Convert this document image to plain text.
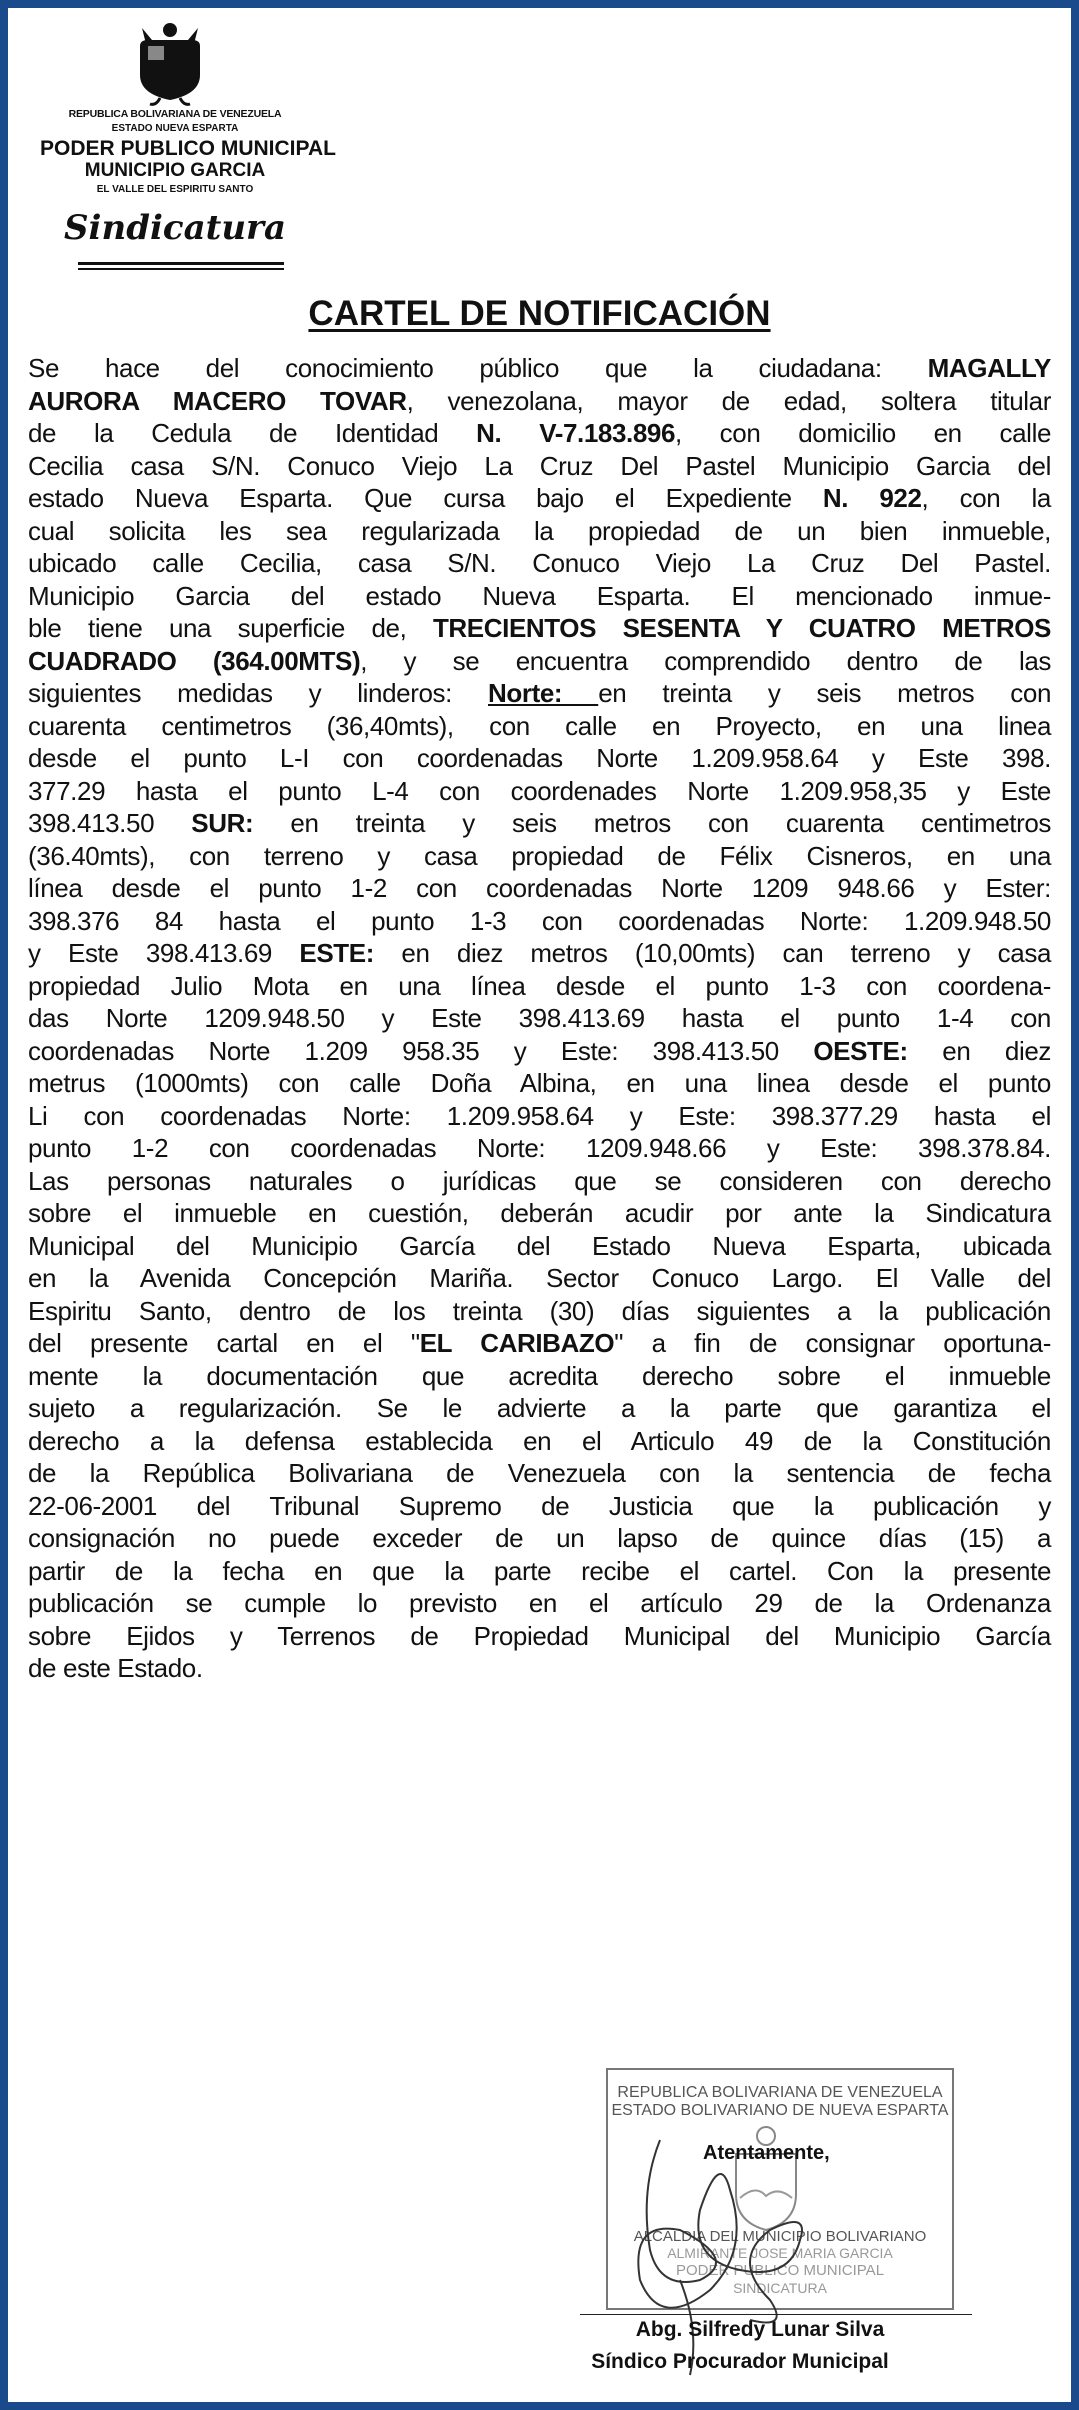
REPUBLICA BOLIVARIANA DE VENEZUELA
ESTADO NUEVA ESPARTA
PODER PUBLICO MUNICIPAL
MUNICIPIO GARCIA
EL VALLE DEL ESPIRITU SANTO
Sindicatura
CARTEL DE NOTIFICACIÓN
Se hace del conocimiento público que la ciudadana: MAGALLY
AURORA MACERO TOVAR, venezolana, mayor de edad, soltera titular
de la Cedula de Identidad N. V-7.183.896, con domicilio en calle
Cecilia casa S/N. Conuco Viejo La Cruz Del Pastel Municipio Garcia del
estado Nueva Esparta. Que cursa bajo el Expediente N. 922, con la
cual solicita les sea regularizada la propiedad de un bien inmueble,
ubicado calle Cecilia, casa S/N. Conuco Viejo La Cruz Del Pastel.
Municipio Garcia del estado Nueva Esparta. El mencionado inmue-
ble tiene una superficie de, TRECIENTOS SESENTA Y CUATRO METROS
CUADRADO (364.00MTS), y se encuentra comprendido dentro de las
siguientes medidas y linderos: Norte: en treinta y seis metros con
cuarenta centimetros (36,40mts), con calle en Proyecto, en una linea
desde el punto L-I con coordenadas Norte 1.209.958.64 y Este 398.
377.29 hasta el punto L-4 con coordenades Norte 1.209.958,35 y Este
398.413.50 SUR: en treinta y seis metros con cuarenta centimetros
(36.40mts), con terreno y casa propiedad de Félix Cisneros, en una
línea desde el punto 1-2 con coordenadas Norte 1209 948.66 y Ester:
398.376 84 hasta el punto 1-3 con coordenadas Norte: 1.209.948.50
y Este 398.413.69 ESTE: en diez metros (10,00mts) can terreno y casa
propiedad Julio Mota en una línea desde el punto 1-3 con coordena-
das Norte 1209.948.50 y Este 398.413.69 hasta el punto 1-4 con
coordenadas Norte 1.209 958.35 y Este: 398.413.50 OESTE: en diez
metrus (1000mts) con calle Doña Albina, en una linea desde el punto
Li con coordenadas Norte: 1.209.958.64 y Este: 398.377.29 hasta el
punto 1-2 con coordenadas Norte: 1209.948.66 y Este: 398.378.84.
Las personas naturales o jurídicas que se consideren con derecho
sobre el inmueble en cuestión, deberán acudir por ante la Sindicatura
Municipal del Municipio García del Estado Nueva Esparta, ubicada
en la Avenida Concepción Mariña. Sector Conuco Largo. El Valle del
Espiritu Santo, dentro de los treinta (30) días siguientes a la publicación
del presente cartal en el "EL CARIBAZO" a fin de consignar oportuna-
mente la documentación que acredita derecho sobre el inmueble
sujeto a regularización. Se le advierte a la parte que garantiza el
derecho a la defensa establecida en el Articulo 49 de la Constitución
de la República Bolivariana de Venezuela con la sentencia de fecha
22-06-2001 del Tribunal Supremo de Justicia que la publicación y
consignación no puede exceder de un lapso de quince días (15) a
partir de la fecha en que la parte recibe el cartel. Con la presente
publicación se cumple lo previsto en el artículo 29 de la Ordenanza
sobre Ejidos y Terrenos de Propiedad Municipal del Municipio García
de este Estado.
REPUBLICA BOLIVARIANA DE VENEZUELA
ESTADO BOLIVARIANO DE NUEVA ESPARTA
ALCALDIA DEL MUNICIPIO BOLIVARIANO
ALMIRANTE JOSE MARIA GARCIA
PODER PUBLICO MUNICIPAL
SINDICATURA
Atentamente,
Abg. Silfredy Lunar Silva
Síndico Procurador Municipal
